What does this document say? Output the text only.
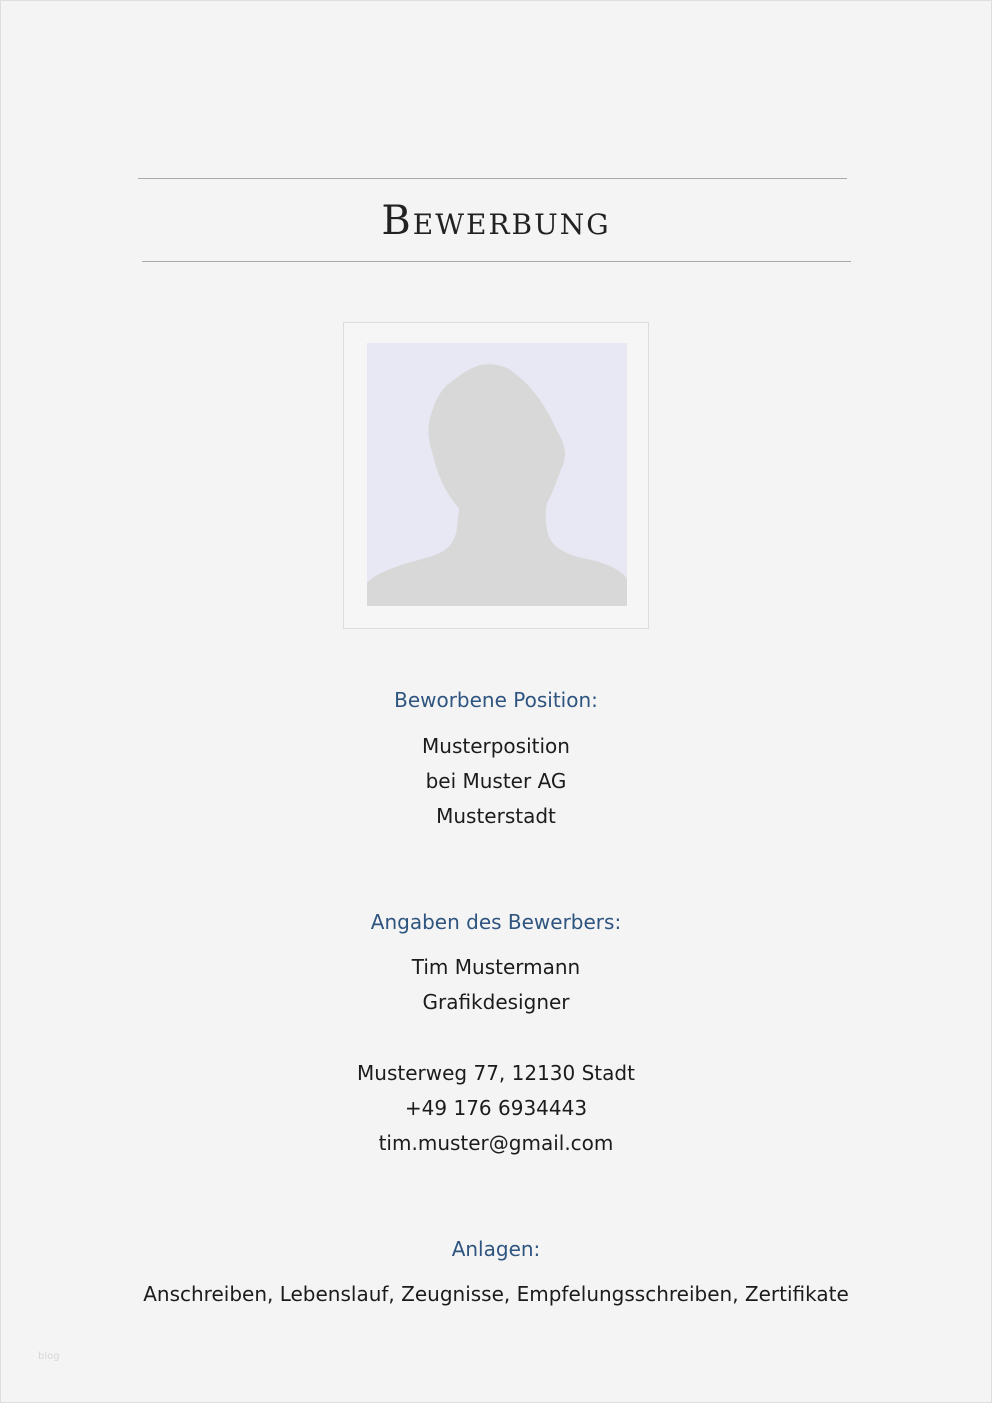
Bewerbung
Beworbene Position:
Musterposition
bei Muster AG
Musterstadt
Angaben des Bewerbers:
Tim Mustermann
Grafikdesigner
Musterweg 77, 12130 Stadt
+49 176 6934443
tim.muster@gmail.com
Anlagen:
Anschreiben, Lebenslauf, Zeugnisse, Empfelungsschreiben, Zertifikate
blog
